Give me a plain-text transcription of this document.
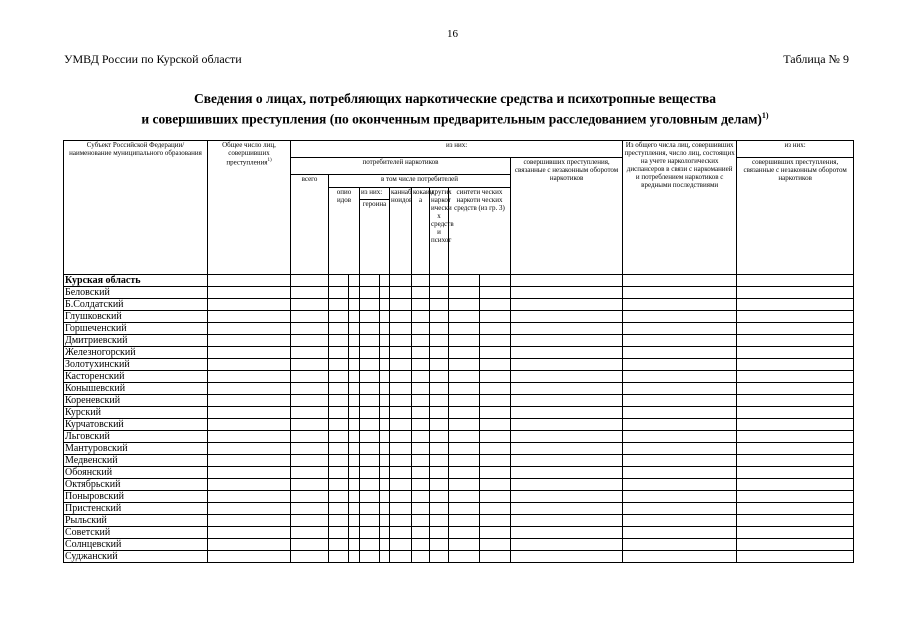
16
УМВД России по Курской области	Таблица № 9
Сведения о лицах, потребляющих наркотические средства и психотропные вещества
и совершивших преступления (по оконченным предварительным расследованием уголовным делам)$^{1)}$
Субъект Российской Федерации/ наименование муниципального образования	Общее число лиц, совершивших преступления$^{1)}$	из них:											Из общего числа лиц, совершивших преступления, число лиц, состоящих на учете наркологических диспансеров в связи с наркоманией и потреблением наркотиков с вредными последствиями	из них:
		потребителей наркотиков										совершивших преступления, связанные с незаконным оборотом наркотиков		совершивших преступления, связанные с незаконным оборотом наркотиков
		всего	в том числе потребителей											
			опио идов		из них:		каннаб ноидов	кокаин а	других наркот ически х средств и психот	синтети ческих наркоти ческих средств (из гр. 3)				
					героина									
Курская область														
Беловский														
Б.Солдатский														
Глушковский														
Горшеченский														
Дмитриевский														
Железногорский														
Золотухинский														
Касторенский														
Конышевский														
Кореневский														
Курский														
Курчатовский														
Льговский														
Мантуровский														
Медвенский														
Обоянский														
Октябрьский														
Поныровский														
Пристенский														
Рыльский														
Советский														
Солнцевский														
Суджанский														
